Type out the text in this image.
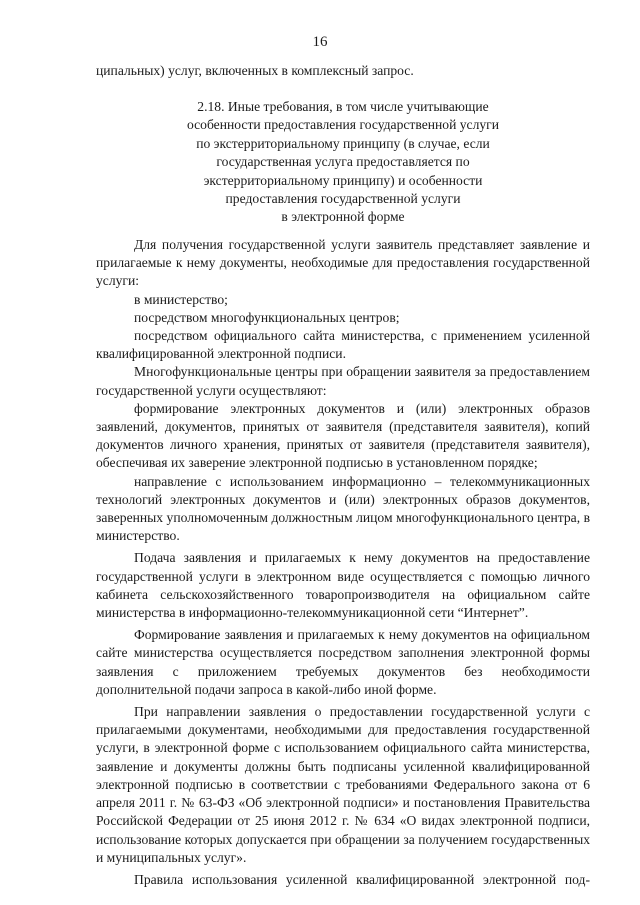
16
ципальных) услуг, включенных в комплексный запрос.
2.18. Иные требования, в том числе учитывающие
особенности предоставления государственной услуги
по экстерриториальному принципу (в случае, если
государственная услуга предоставляется по
экстерриториальному принципу) и особенности
предоставления государственной услуги
в электронной форме

Для получения государственной услуги заявитель представляет заявление и прилагаемые к нему документы, необходимые для предоставления государственной услуги:

в министерство;

посредством многофункциональных центров;

посредством официального сайта министерства, с применением усиленной квалифицированной электронной подписи.

Многофункциональные центры при обращении заявителя за предоставлением государственной услуги осуществляют:

формирование электронных документов и (или) электронных образов заявлений, документов, принятых от заявителя (представителя заявителя), копий документов личного хранения, принятых от заявителя (представителя заявителя), обеспечивая их заверение электронной подписью в установленном порядке;

направление с использованием информационно – телекоммуникационных технологий электронных документов и (или) электронных образов документов, заверенных уполномоченным должностным лицом многофункционального центра, в министерство.

Подача заявления и прилагаемых к нему документов на предоставление государственной услуги в электронном виде осуществляется с помощью личного кабинета сельскохозяйственного товаропроизводителя на официальном сайте министерства в информационно-телекоммуникационной сети “Интернет”.

Формирование заявления и прилагаемых к нему документов на официальном сайте министерства осуществляется посредством заполнения электронной формы заявления с приложением требуемых документов без необходимости дополнительной подачи запроса в какой-либо иной форме.

При направлении заявления о предоставлении государственной услуги с прилагаемыми документами, необходимыми для предоставления государственной услуги, в электронной форме с использованием официального сайта министерства, заявление и документы должны быть подписаны усиленной квалифицированной электронной подписью в соответствии с требованиями Федерального закона от 6 апреля 2011 г. № 63-ФЗ «Об электронной подписи» и постановления Правительства Российской Федерации от 25 июня 2012 г. № 634 «О видах электронной подписи, использование которых допускается при обращении за получением государственных и муниципальных услуг».

Правила использования усиленной квалифицированной электронной под-
